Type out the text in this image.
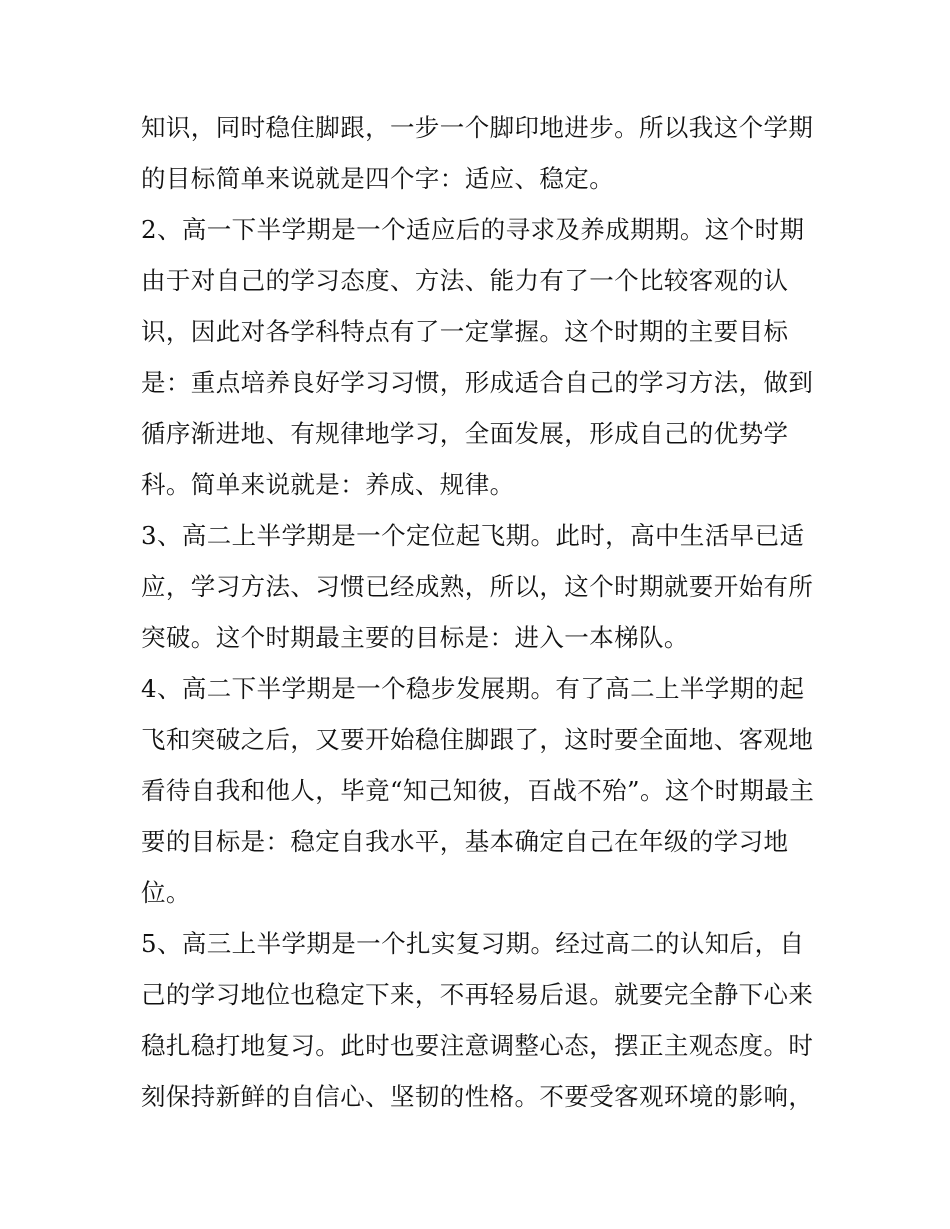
知识，同时稳住脚跟，一步一个脚印地进步。所以我这个学期
的目标简单来说就是四个字：适应、稳定。
2、高一下半学期是一个适应后的寻求及养成期期。这个时期
由于对自己的学习态度、方法、能力有了一个比较客观的认
识，因此对各学科特点有了一定掌握。这个时期的主要目标
是：重点培养良好学习习惯，形成适合自己的学习方法，做到
循序渐进地、有规律地学习，全面发展，形成自己的优势学
科。简单来说就是：养成、规律。
3、高二上半学期是一个定位起飞期。此时，高中生活早已适
应，学习方法、习惯已经成熟，所以，这个时期就要开始有所
突破。这个时期最主要的目标是：进入一本梯队。
4、高二下半学期是一个稳步发展期。有了高二上半学期的起
飞和突破之后，又要开始稳住脚跟了，这时要全面地、客观地
看待自我和他人，毕竟“知己知彼，百战不殆”。这个时期最主
要的目标是：稳定自我水平，基本确定自己在年级的学习地
位。
5、高三上半学期是一个扎实复习期。经过高二的认知后，自
己的学习地位也稳定下来，不再轻易后退。就要完全静下心来
稳扎稳打地复习。此时也要注意调整心态，摆正主观态度。时
刻保持新鲜的自信心、坚韧的性格。不要受客观环境的影响，
